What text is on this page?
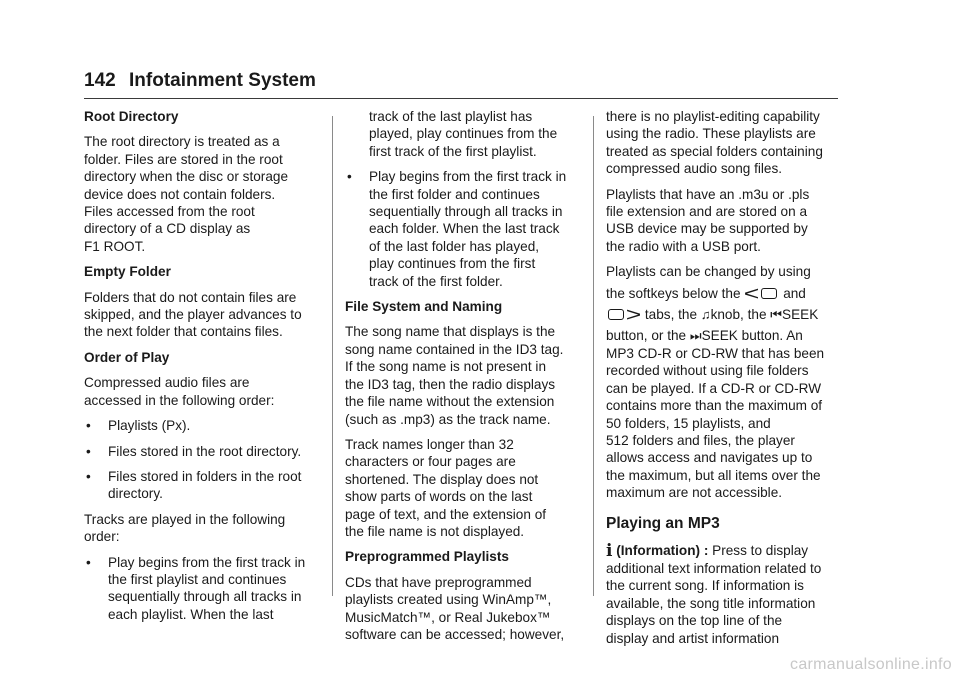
142 Infotainment System
Root Directory
The root directory is treated as a
folder. Files are stored in the root
directory when the disc or storage
device does not contain folders.
Files accessed from the root
directory of a CD display as
F1 ROOT.
Empty Folder
Folders that do not contain files are
skipped, and the player advances to
the next folder that contains files.
Order of Play
Compressed audio files are
accessed in the following order:
• Playlists (Px).
• Files stored in the root directory.
• Files stored in folders in the root
directory.
Tracks are played in the following
order:
• Play begins from the first track in
the first playlist and continues
sequentially through all tracks in
each playlist. When the last
track of the last playlist has
played, play continues from the
first track of the first playlist.
• Play begins from the first track in
the first folder and continues
sequentially through all tracks in
each folder. When the last track
of the last folder has played,
play continues from the first
track of the first folder.
File System and Naming
The song name that displays is the
song name contained in the ID3 tag.
If the song name is not present in
the ID3 tag, then the radio displays
the file name without the extension
(such as .mp3) as the track name.
Track names longer than 32
characters or four pages are
shortened. The display does not
show parts of words on the last
page of text, and the extension of
the file name is not displayed.
Preprogrammed Playlists
CDs that have preprogrammed
playlists created using WinAmp™,
MusicMatch™, or Real Jukebox™
software can be accessed; however,
there is no playlist-editing capability
using the radio. These playlists are
treated as special folders containing
compressed audio song files.
Playlists that have an .m3u or .pls
file extension and are stored on a
USB device may be supported by
the radio with a USB port.
Playlists can be changed by using
the softkeys below the < and
> tabs, the ♫knob, the ⏮SEEK
button, or the ⏭SEEK button. An
MP3 CD-R or CD-RW that has been
recorded without using file folders
can be played. If a CD-R or CD-RW
contains more than the maximum of
50 folders, 15 playlists, and
512 folders and files, the player
allows access and navigates up to
the maximum, but all items over the
maximum are not accessible.
Playing an MP3
i (Information) : Press to display
additional text information related to
the current song. If information is
available, the song title information
displays on the top line of the
display and artist information
carmanualsonline.info
